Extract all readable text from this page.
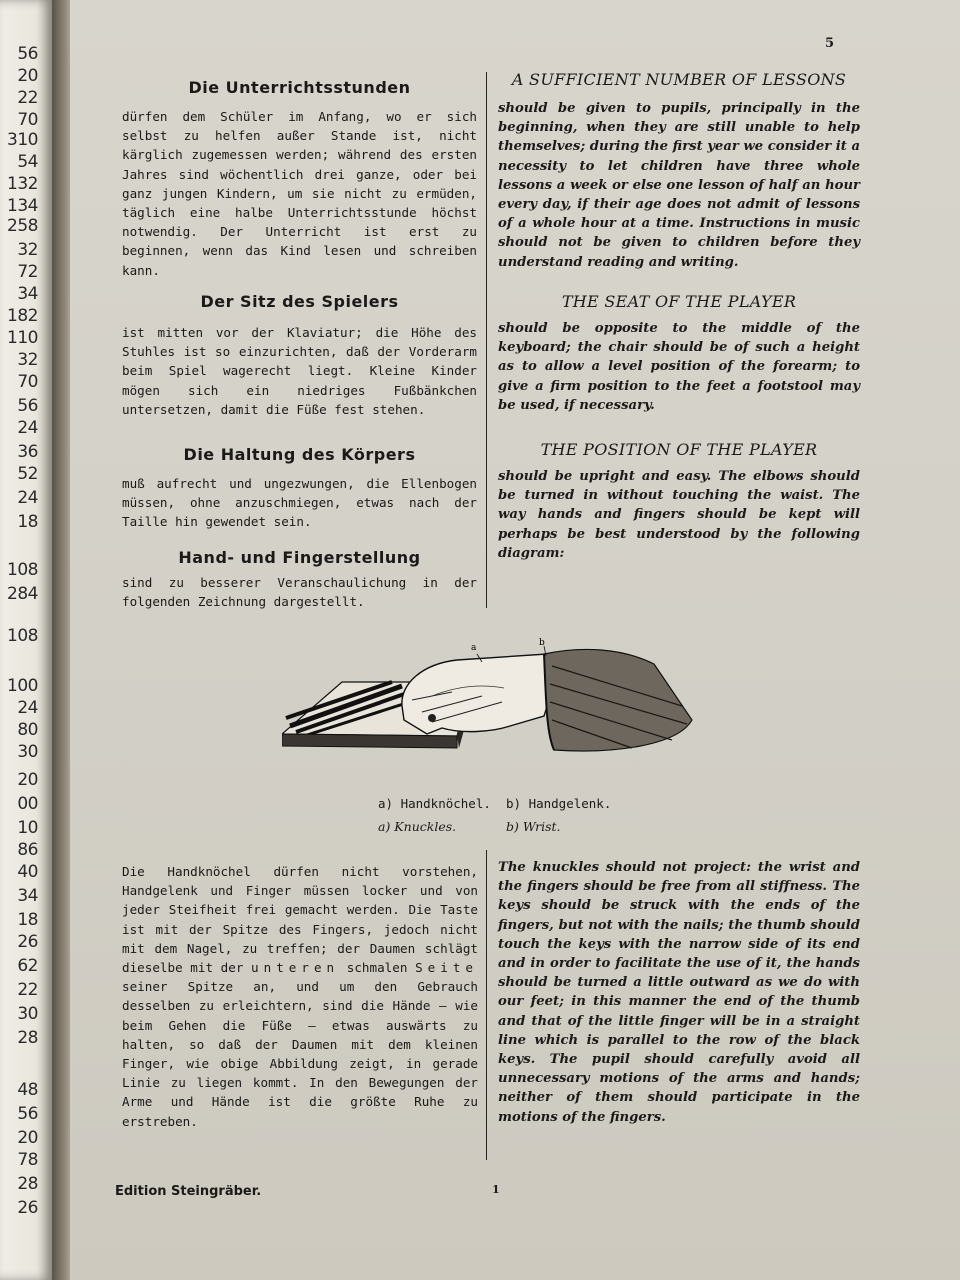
56
20
22
70
310
54
132
134
258
32
72
34
182
110
32
70
56
24
36
52
24
18
108
284
108
100
24
80
30
20
00
10
86
40
34
18
26
62
22
30
28
48
56
20
78
28
26
5
Die Unterrichtsstunden
dürfen dem Schüler im Anfang, wo er sich selbst zu helfen außer Stande ist, nicht kärglich zugemessen werden; während des ersten Jahres sind wöchentlich drei ganze, oder bei ganz jungen Kindern, um sie nicht zu ermüden, täglich eine halbe Unterrichtsstunde höchst notwendig. Der Unterricht ist erst zu beginnen, wenn das Kind lesen und schreiben kann.
A SUFFICIENT NUMBER OF LESSONS
should be given to pupils, principally in the beginning, when they are still unable to help themselves; during the first year we consider it a necessity to let children have three whole lessons a week or else one lesson of half an hour every day, if their age does not admit of lessons of a whole hour at a time. Instructions in music should not be given to children before they understand reading and writing.
Der Sitz des Spielers
ist mitten vor der Klaviatur; die Höhe des Stuhles ist so einzurichten, daß der Vorderarm beim Spiel wagerecht liegt. Kleine Kinder mögen sich ein niedriges Fußbänkchen untersetzen, damit die Füße fest stehen.
THE SEAT OF THE PLAYER
should be opposite to the middle of the keyboard; the chair should be of such a height as to allow a level position of the forearm; to give a firm position to the feet a footstool may be used, if necessary.
Die Haltung des Körpers
muß aufrecht und ungezwungen, die Ellenbogen müssen, ohne anzuschmiegen, etwas nach der Taille hin gewendet sein.
THE POSITION OF THE PLAYER
should be upright and easy. The elbows should be turned in without touching the waist. The way hands and fingers should be kept will perhaps be best understood by the following diagram:
Hand- und Fingerstellung
sind zu besserer Veranschaulichung in der folgenden Zeichnung dargestellt.
a	b
a) Handknöchel. b) Handgelenk.
a) Knuckles.	b) Wrist.
Die Handknöchel dürfen nicht vorstehen, Handgelenk und Finger müssen locker und von jeder Steifheit frei gemacht werden. Die Taste ist mit der Spitze des Fingers, jedoch nicht mit dem Nagel, zu treffen; der Daumen schlägt dieselbe mit der unteren schmalen Seite seiner Spitze an, und um den Gebrauch desselben zu erleichtern, sind die Hände — wie beim Gehen die Füße — etwas auswärts zu halten, so daß der Daumen mit dem kleinen Finger, wie obige Abbildung zeigt, in gerade Linie zu liegen kommt. In den Bewegungen der Arme und Hände ist die größte Ruhe zu erstreben.
The knuckles should not project: the wrist and the fingers should be free from all stiffness. The keys should be struck with the ends of the fingers, but not with the nails; the thumb should touch the keys with the narrow side of its end and in order to facilitate the use of it, the hands should be turned a little outward as we do with our feet; in this manner the end of the thumb and that of the little finger will be in a straight line which is parallel to the row of the black keys. The pupil should carefully avoid all unnecessary motions of the arms and hands; neither of them should participate in the motions of the fingers.
Edition Steingräber.	1
